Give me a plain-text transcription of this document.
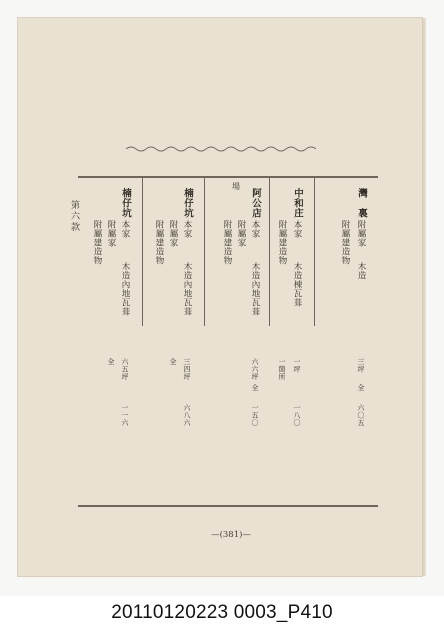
第六款
場
灣　裏
附屬家
附屬建造物
木造
三坪
全
六〇五
中和庄
本家
附屬建造物
木造棟瓦葺
一坪
一箇所
一八〇
阿公店
本家
附屬家
附屬建造物
木造內地瓦葺
六六坪
全
一五〇
楠仔坑
本家
附屬家
附屬建造物
木造內地瓦葺
三四坪
全
六八六
楠仔坑
本家
附屬家
附屬建造物
木造內地瓦葺
六五坪
全
一一六
—(381)—
20110120223 0003_P410
